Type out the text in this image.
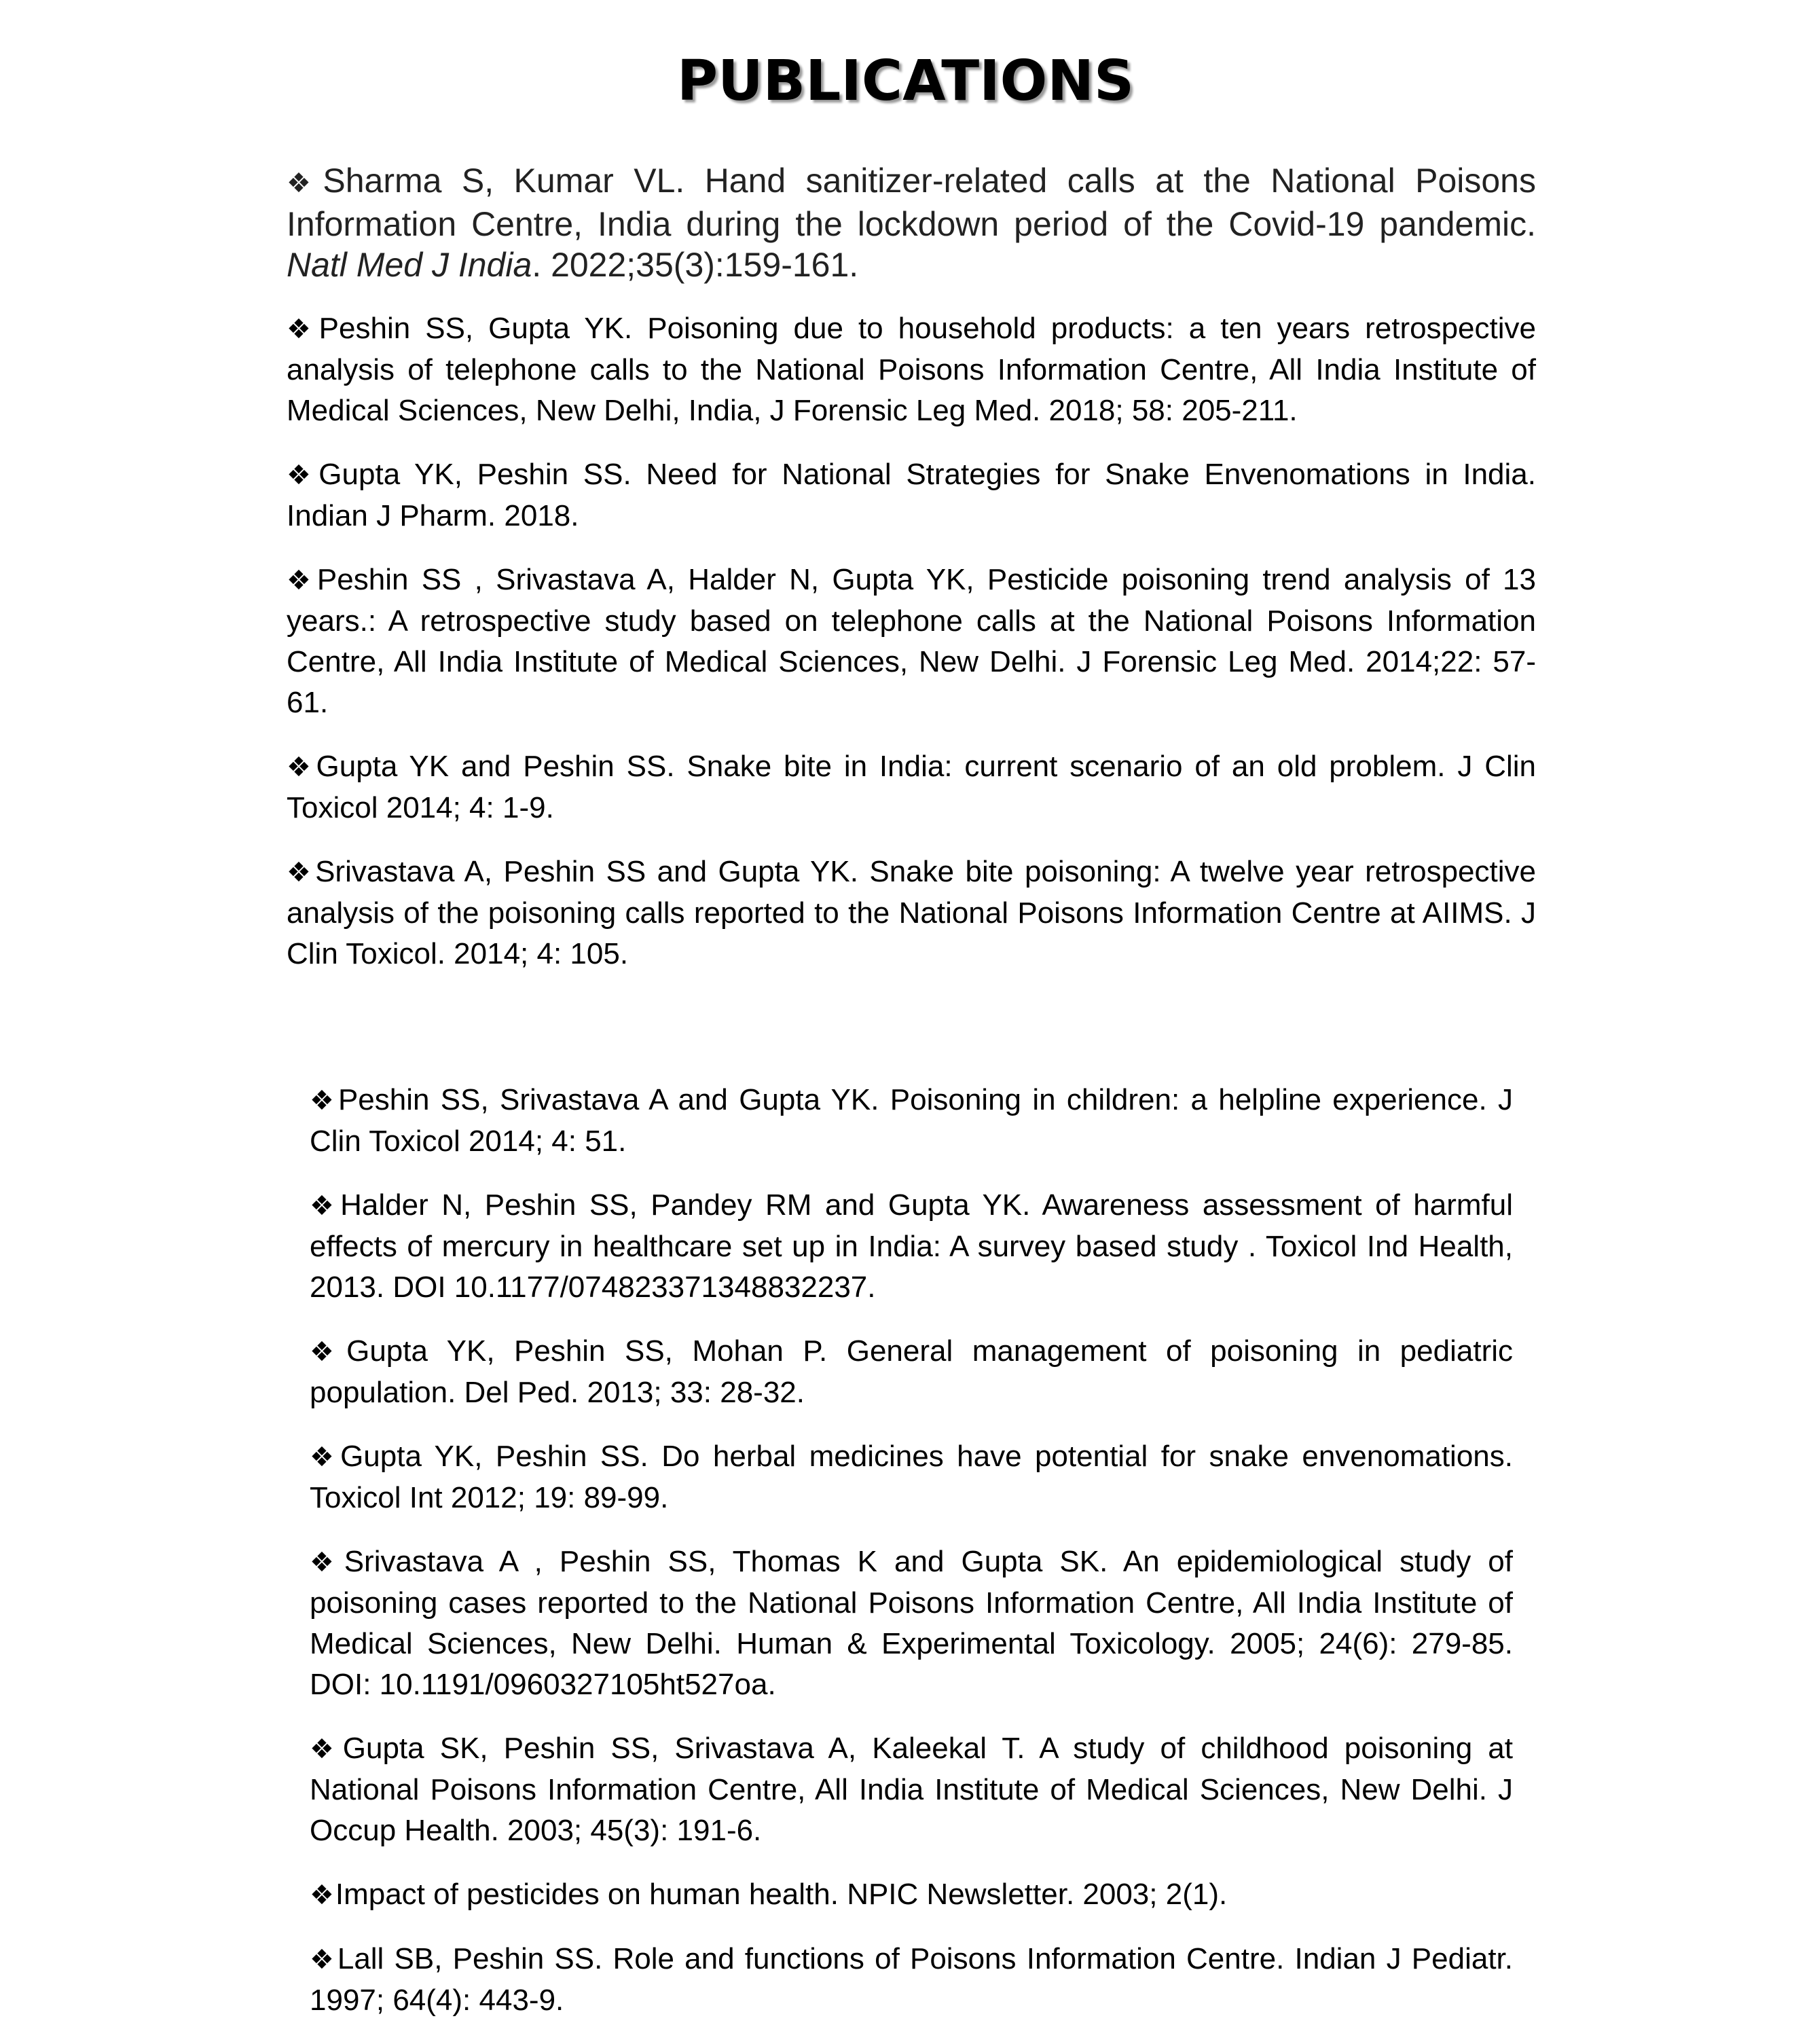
PUBLICATIONS

❖Sharma S, Kumar VL. Hand sanitizer-related calls at the National Poisons Information Centre, India during the lockdown period of the Covid-19 pandemic. Natl Med J India. 2022;35(3):159-161.

❖Peshin SS, Gupta YK. Poisoning due to household products: a ten years retrospective analysis of telephone calls to the National Poisons Information Centre, All India Institute of Medical Sciences, New Delhi, India, J Forensic Leg Med. 2018; 58: 205-211.

❖Gupta YK, Peshin SS. Need for National Strategies for Snake Envenomations in India. Indian J Pharm. 2018.

❖Peshin SS , Srivastava A, Halder N, Gupta YK, Pesticide poisoning trend analysis of 13 years.: A retrospective study based on telephone calls at the National Poisons Information Centre, All India Institute of Medical Sciences, New Delhi. J Forensic Leg Med. 2014;22: 57-61.

❖Gupta YK and Peshin SS. Snake bite in India: current scenario of an old problem. J Clin Toxicol 2014; 4: 1-9.

❖Srivastava A, Peshin SS and Gupta YK. Snake bite poisoning: A twelve year retrospective analysis of the poisoning calls reported to the National Poisons Information Centre at AIIMS. J Clin Toxicol. 2014; 4: 105.

❖Peshin SS, Srivastava A and Gupta YK. Poisoning in children: a helpline experience. J Clin Toxicol 2014; 4: 51.

❖Halder N, Peshin SS, Pandey RM and Gupta YK. Awareness assessment of harmful effects of mercury in healthcare set up in India: A survey based study . Toxicol Ind Health, 2013. DOI 10.1177/074823371348832237.

❖Gupta YK, Peshin SS, Mohan P. General management of poisoning in pediatric population. Del Ped. 2013; 33: 28-32.

❖Gupta YK, Peshin SS. Do herbal medicines have potential for snake envenomations. Toxicol Int 2012; 19: 89-99.

❖Srivastava A , Peshin SS, Thomas K and Gupta SK. An epidemiological study of poisoning cases reported to the National Poisons Information Centre, All India Institute of Medical Sciences, New Delhi. Human & Experimental Toxicology. 2005; 24(6): 279-85. DOI: 10.1191/0960327105ht527oa.

❖Gupta SK, Peshin SS, Srivastava A, Kaleekal T. A study of childhood poisoning at National Poisons Information Centre, All India Institute of Medical Sciences, New Delhi. J Occup Health. 2003; 45(3): 191-6.

❖Impact of pesticides on human health. NPIC Newsletter. 2003; 2(1).

❖Lall SB, Peshin SS. Role and functions of Poisons Information Centre. Indian J Pediatr. 1997; 64(4): 443-9.
